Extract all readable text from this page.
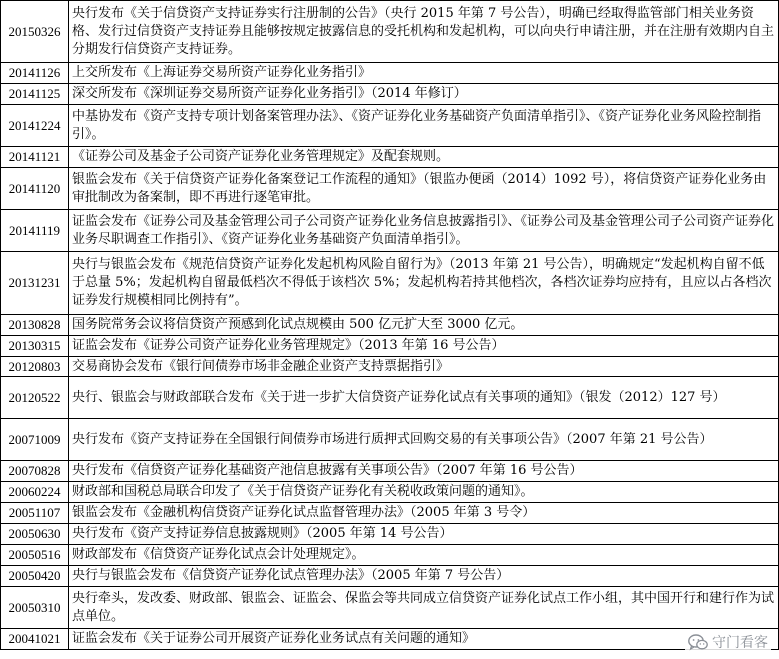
20150326	央行发布《关于信贷资产支持证券实行注册制的公告》（央行 2015 年第 7 号公告），明确已经取得监管部门相关业务资格、发行过信贷资产支持证券且能够按规定披露信息的受托机构和发起机构，可以向央行申请注册，并在注册有效期内自主分期发行信贷资产支持证券。
20141126	上交所发布《上海证券交易所资产证券化业务指引》
20141125	深交所发布《深圳证券交易所资产证券化业务指引》（2014 年修订）
20141224	中基协发布《资产支持专项计划备案管理办法》、《资产证券化业务基础资产负面清单指引》、《资产证券化业务风险控制指引》。
20141121	《证券公司及基金子公司资产证券化业务管理规定》及配套规则。
20141120	银监会发布《关于信贷资产证券化备案登记工作流程的通知》（银监办便函（2014）1092 号），将信贷资产证券化业务由审批制改为备案制，即不再进行逐笔审批。
20141119	证监会发布《证券公司及基金管理公司子公司资产证券化业务信息披露指引》、《证券公司及基金管理公司子公司资产证券化业务尽职调查工作指引》、《资产证券化业务基础资产负面清单指引》。
20131231	央行与银监会发布《规范信贷资产证券化发起机构风险自留行为》（2013 年第 21 号公告），明确规定“发起机构自留不低于总量 5%；发起机构自留最低档次不得低于该档次 5%；发起机构若持其他档次，各档次证券均应持有，且应以占各档次证券发行规模相同比例持有”。
20130828	国务院常务会议将信贷资产预感到化试点规模由 500 亿元扩大至 3000 亿元。
20130315	证监会发布《证券公司资产证券化业务管理规定》（2013 年第 16 号公告）
20120803	交易商协会发布《银行间债券市场非金融企业资产支持票据指引》
20120522	央行、银监会与财政部联合发布《关于进一步扩大信贷资产证券化试点有关事项的通知》（银发（2012）127 号）
20071009	央行发布《资产支持证券在全国银行间债券市场进行质押式回购交易的有关事项公告》（2007 年第 21 号公告）
20070828	央行发布《信贷资产证券化基础资产池信息披露有关事项公告》（2007 年第 16 号公告）
20060224	财政部和国税总局联合印发了《关于信贷资产证券化有关税收政策问题的通知》。
20051107	银监会发布《金融机构信贷资产证券化试点监督管理办法》（2005 年第 3 号令）
20050630	央行发布《资产支持证券信息披露规则》（2005 年第 14 号公告）
20050516	财政部发布《信贷资产证券化试点会计处理规定》。
20050420	央行与银监会发布《信贷资产证券化试点管理办法》（2005 年第 7 号公告）
20050310	央行牵头，发改委、财政部、银监会、证监会、保监会等共同成立信贷资产证券化试点工作小组，其中国开行和建行作为试点单位。
20041021	证监会发布《关于证券公司开展资产证券化业务试点有关问题的通知》	守门看客
